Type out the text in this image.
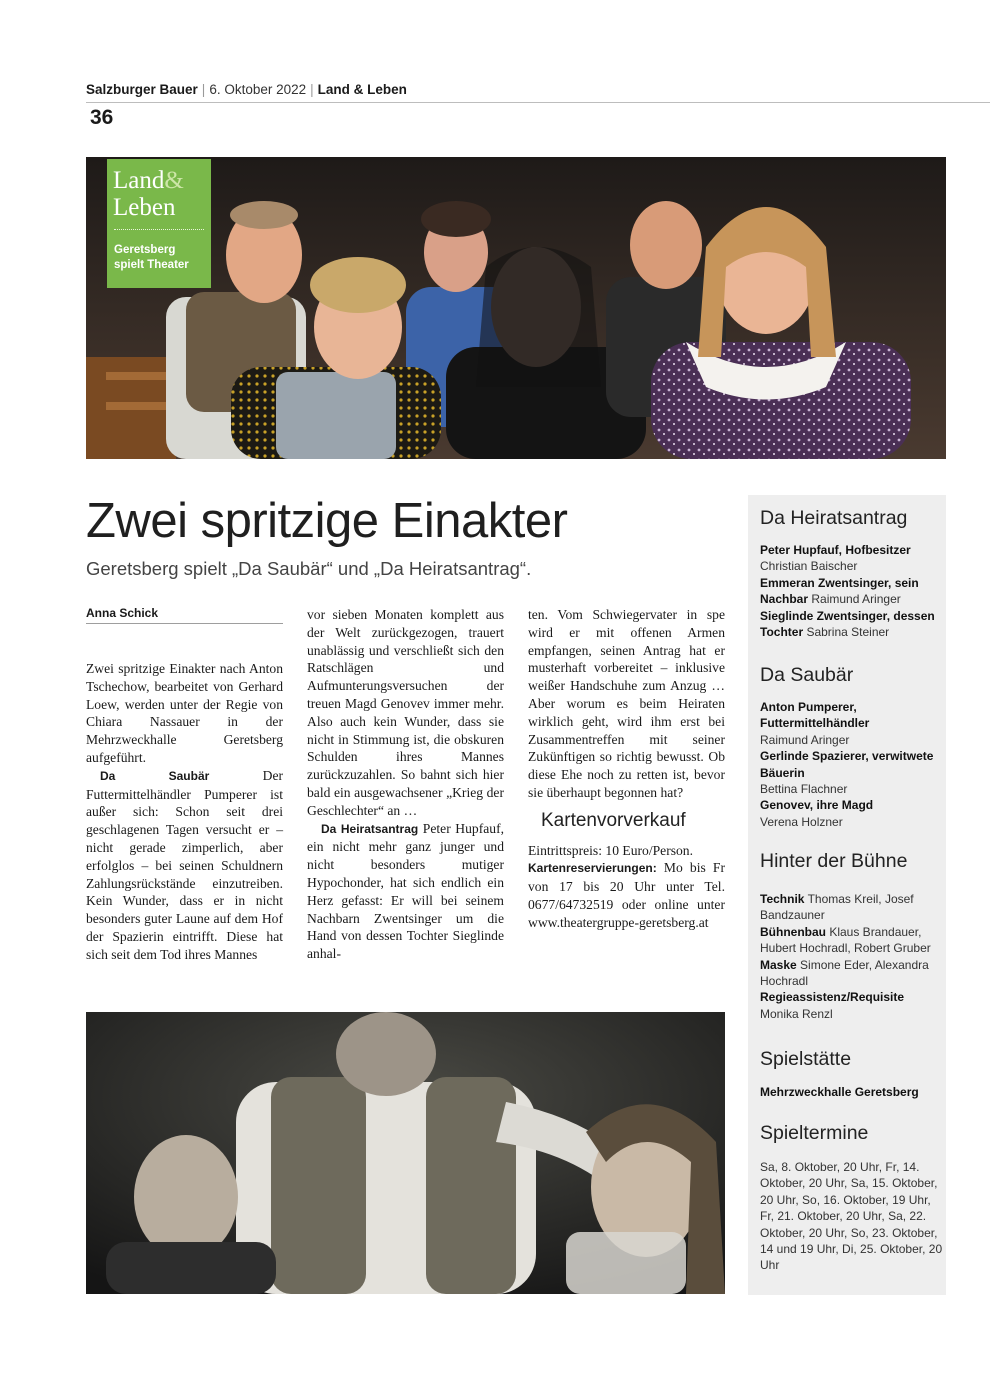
Salzburger Bauer | 6. Oktober 2022 | Land & Leben
36
Land&
Leben
Geretsberg
spielt Theater
Zwei spritzige Einakter
Geretsberg spielt „Da Saubär“ und „Da Heiratsantrag“.
Anna Schick

Zwei spritzige Einakter nach Anton Tschechow, bearbeitet von Gerhard Loew, werden unter der Regie von Chiara Nassauer in der Mehrzweckhalle Geretsberg aufgeführt.

Da Saubär Der Futtermittelhändler Pumperer ist außer sich: Schon seit drei geschlagenen Tagen versucht er – nicht gerade zimperlich, aber erfolglos – bei seinen Schuldnern Zahlungsrückstände einzutreiben. Kein Wunder, dass er in nicht besonders guter Laune auf dem Hof der Spazierin eintrifft. Diese hat sich seit dem Tod ihres Mannes

vor sieben Monaten komplett aus der Welt zurückgezogen, trauert unablässig und verschließt sich den Ratschlägen und Aufmunterungsversuchen der treuen Magd Genovev immer mehr. Also auch kein Wunder, dass sie nicht in Stimmung ist, die obskuren Schulden ihres Mannes zurückzuzahlen. So bahnt sich hier bald ein ausgewachsener „Krieg der Geschlechter“ an …

Da Heiratsantrag Peter Hupfauf, ein nicht mehr ganz junger und nicht besonders mutiger Hypochonder, hat sich endlich ein Herz gefasst: Er will bei seinem Nachbarn Zwentsinger um die Hand von dessen Tochter Sieglinde anhal-

ten. Vom Schwiegervater in spe wird er mit offenen Armen empfangen, seinen Antrag hat er musterhaft vorbereitet – inklusive weißer Handschuhe zum Anzug … Aber worum es beim Heiraten wirklich geht, wird ihm erst bei Zusammentreffen mit seiner Zukünftigen so richtig bewusst. Ob diese Ehe noch zu retten ist, bevor sie überhaupt begonnen hat?

Kartenvorverkauf

Eintrittspreis: 10 Euro/Person.

Kartenreservierungen: Mo bis Fr von 17 bis 20 Uhr unter Tel. 0677/64732519 oder online unter www.theatergruppe-geretsberg.at

Da Heiratsantrag
Peter Hupfauf, Hofbesitzer
Christian Baischer
Emmeran Zwentsinger, sein Nachbar Raimund Aringer
Sieglinde Zwentsinger, dessen Tochter Sabrina Steiner
Da Saubär
Anton Pumperer, Futtermittelhändler
Raimund Aringer
Gerlinde Spazierer, verwitwete Bäuerin
Bettina Flachner
Genovev, ihre Magd
Verena Holzner
Hinter der Bühne
Technik Thomas Kreil, Josef Bandzauner
Bühnenbau Klaus Brandauer, Hubert Hochradl, Robert Gruber
Maske Simone Eder, Alexandra Hochradl
Regieassistenz/Requisite
Monika Renzl
Spielstätte
Mehrzweckhalle Geretsberg
Spieltermine
Sa, 8. Oktober, 20 Uhr, Fr, 14. Oktober, 20 Uhr, Sa, 15. Oktober, 20 Uhr, So, 16. Oktober, 19 Uhr, Fr, 21. Oktober, 20 Uhr, Sa, 22. Oktober, 20 Uhr, So, 23. Oktober, 14 und 19 Uhr, Di, 25. Oktober, 20 Uhr
